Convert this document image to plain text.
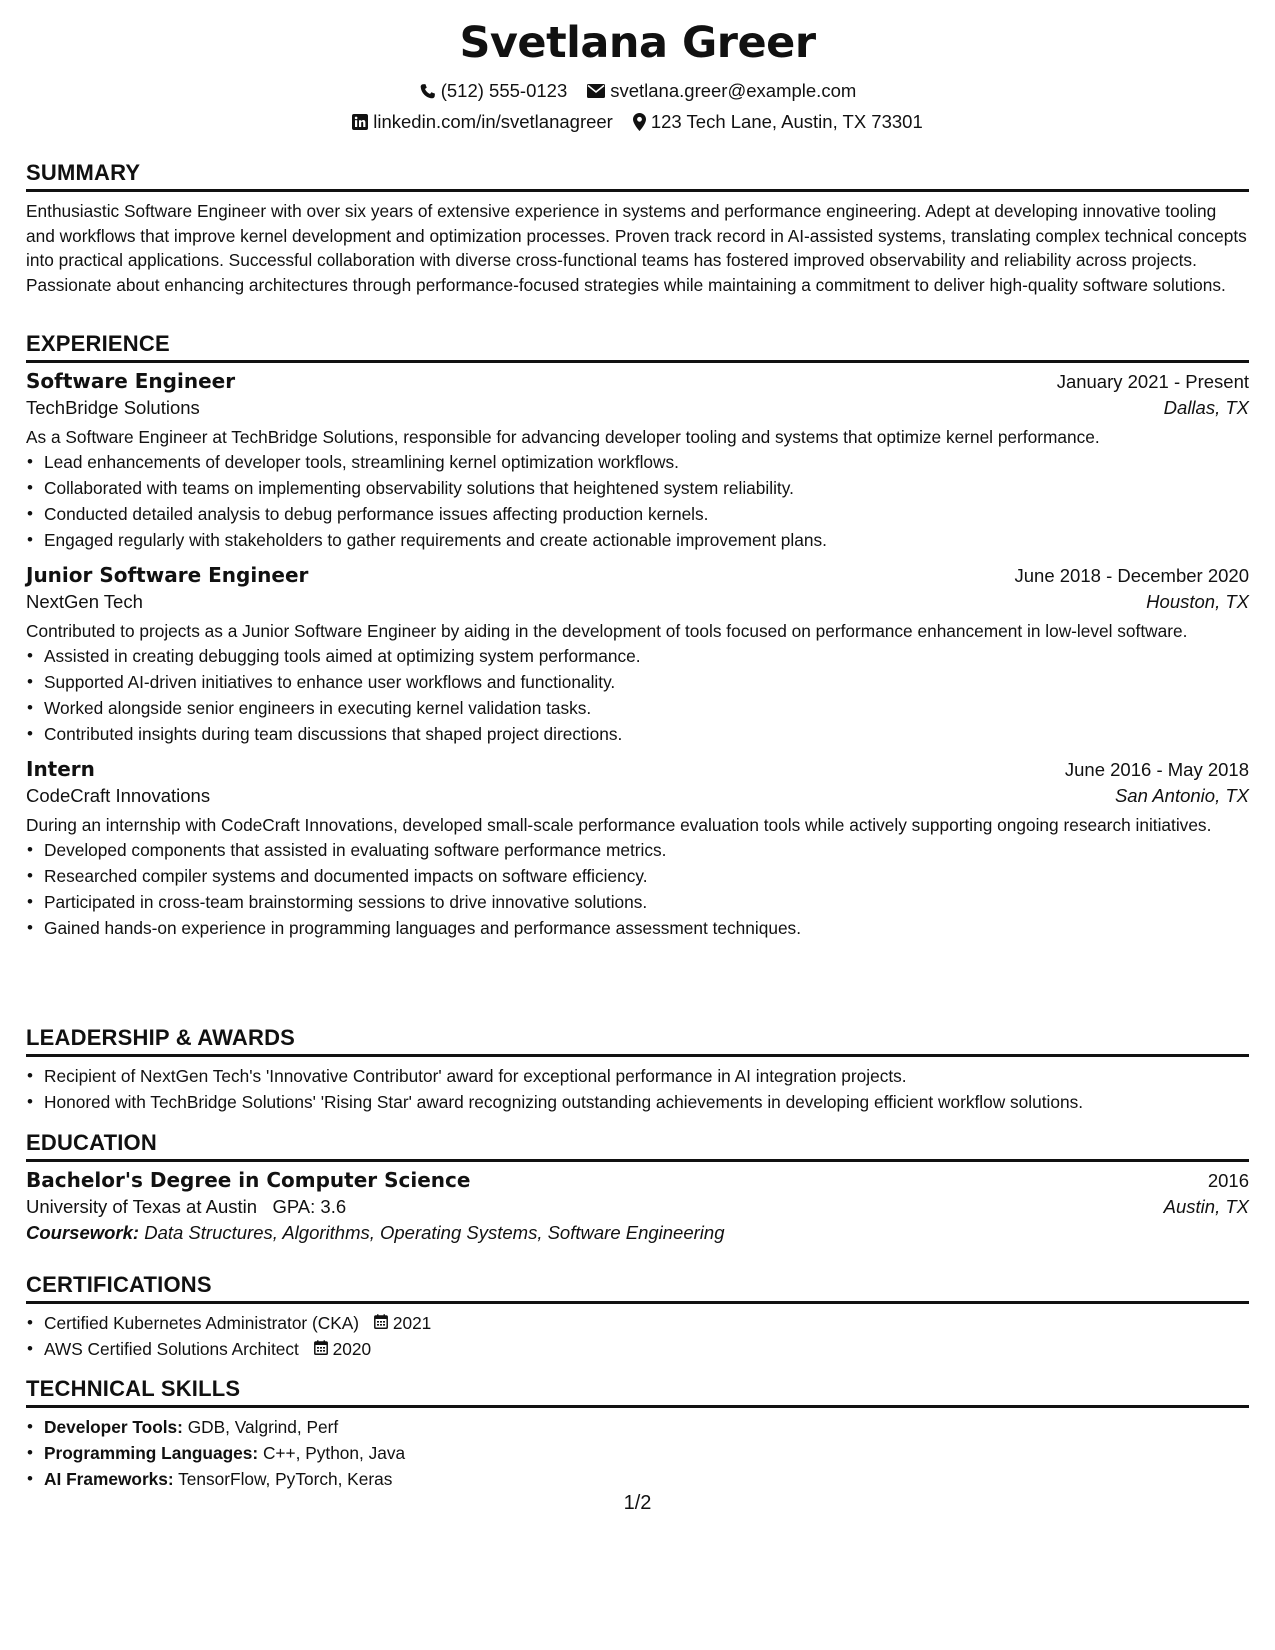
Svetlana Greer
(512) 555-0123 svetlana.greer@example.com
linkedin.com/in/svetlanagreer 123 Tech Lane, Austin, TX 73301
SUMMARY

Enthusiastic Software Engineer with over six years of extensive experience in systems and performance engineering. Adept at developing innovative tooling and workflows that improve kernel development and optimization processes. Proven track record in AI-assisted systems, translating complex technical concepts into practical applications. Successful collaboration with diverse cross-functional teams has fostered improved observability and reliability across projects. Passionate about enhancing architectures through performance-focused strategies while maintaining a commitment to deliver high-quality software solutions.

EXPERIENCE
Software Engineer	January 2021 - Present
TechBridge Solutions	Dallas, TX

As a Software Engineer at TechBridge Solutions, responsible for advancing developer tooling and systems that optimize kernel performance.

• Lead enhancements of developer tools, streamlining kernel optimization workflows.
• Collaborated with teams on implementing observability solutions that heightened system reliability.
• Conducted detailed analysis to debug performance issues affecting production kernels.
• Engaged regularly with stakeholders to gather requirements and create actionable improvement plans.
Junior Software Engineer	June 2018 - December 2020
NextGen Tech	Houston, TX

Contributed to projects as a Junior Software Engineer by aiding in the development of tools focused on performance enhancement in low-level software.

• Assisted in creating debugging tools aimed at optimizing system performance.
• Supported AI-driven initiatives to enhance user workflows and functionality.
• Worked alongside senior engineers in executing kernel validation tasks.
• Contributed insights during team discussions that shaped project directions.
Intern	June 2016 - May 2018
CodeCraft Innovations	San Antonio, TX

During an internship with CodeCraft Innovations, developed small-scale performance evaluation tools while actively supporting ongoing research initiatives.

• Developed components that assisted in evaluating software performance metrics.
• Researched compiler systems and documented impacts on software efficiency.
• Participated in cross-team brainstorming sessions to drive innovative solutions.
• Gained hands-on experience in programming languages and performance assessment techniques.
LEADERSHIP & AWARDS
• Recipient of NextGen Tech's 'Innovative Contributor' award for exceptional performance in AI integration projects.
• Honored with TechBridge Solutions' 'Rising Star' award recognizing outstanding achievements in developing efficient workflow solutions.
EDUCATION
Bachelor's Degree in Computer Science	2016
University of Texas at Austin GPA: 3.6	Austin, TX
Coursework: Data Structures, Algorithms, Operating Systems, Software Engineering
CERTIFICATIONS
• Certified Kubernetes Administrator (CKA) 2021
• AWS Certified Solutions Architect 2020
TECHNICAL SKILLS
• Developer Tools: GDB, Valgrind, Perf
• Programming Languages: C++, Python, Java
• AI Frameworks: TensorFlow, PyTorch, Keras
1/2
